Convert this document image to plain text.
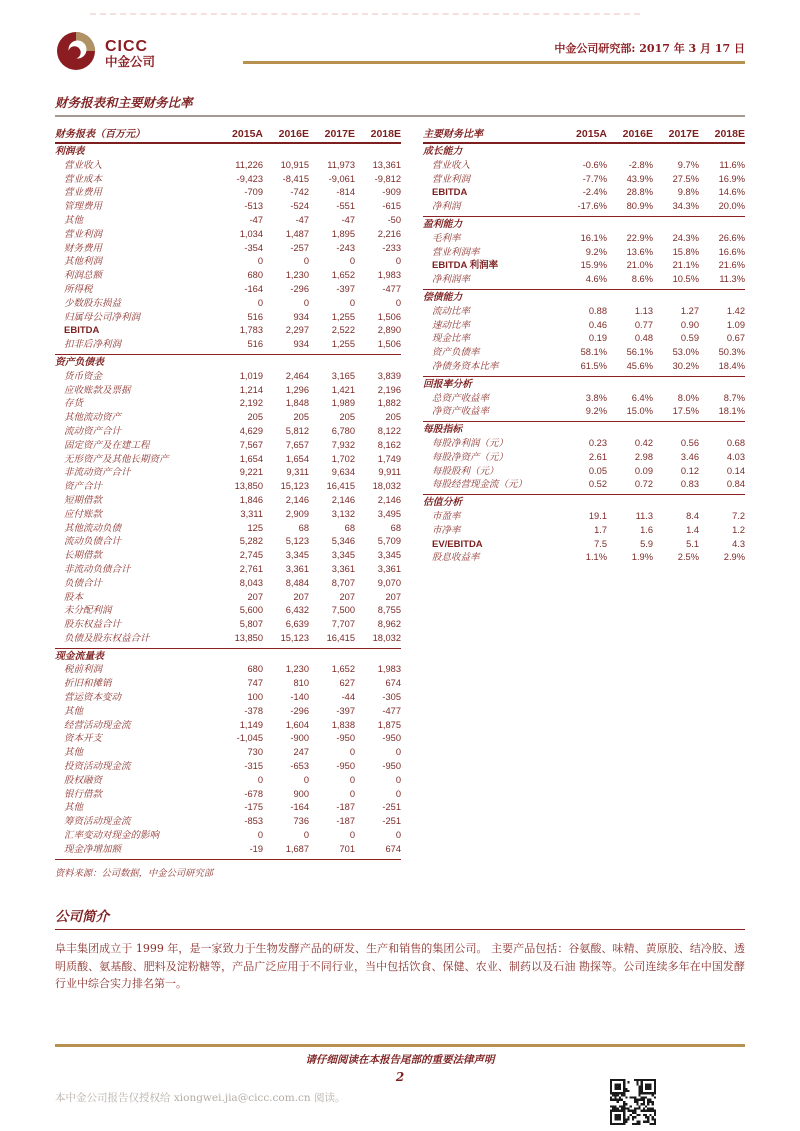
CICC
中金公司
中金公司研究部: 2017 年 3 月 17 日
财务报表和主要财务比率
财务报表（百万元）	2015A	2016E	2017E	2018E
利润表
营业收入	11,226	10,915	11,973	13,361
营业成本	-9,423	-8,415	-9,061	-9,812
营业费用	-709	-742	-814	-909
管理费用	-513	-524	-551	-615
其他	-47	-47	-47	-50
营业利润	1,034	1,487	1,895	2,216
财务费用	-354	-257	-243	-233
其他利润	0	0	0	0
利润总额	680	1,230	1,652	1,983
所得税	-164	-296	-397	-477
少数股东损益	0	0	0	0
归属母公司净利润	516	934	1,255	1,506
EBITDA	1,783	2,297	2,522	2,890
扣非后净利润	516	934	1,255	1,506
资产负债表
货币资金	1,019	2,464	3,165	3,839
应收账款及票据	1,214	1,296	1,421	2,196
存货	2,192	1,848	1,989	1,882
其他流动资产	205	205	205	205
流动资产合计	4,629	5,812	6,780	8,122
固定资产及在建工程	7,567	7,657	7,932	8,162
无形资产及其他长期资产	1,654	1,654	1,702	1,749
非流动资产合计	9,221	9,311	9,634	9,911
资产合计	13,850	15,123	16,415	18,032
短期借款	1,846	2,146	2,146	2,146
应付账款	3,311	2,909	3,132	3,495
其他流动负债	125	68	68	68
流动负债合计	5,282	5,123	5,346	5,709
长期借款	2,745	3,345	3,345	3,345
非流动负债合计	2,761	3,361	3,361	3,361
负债合计	8,043	8,484	8,707	9,070
股本	207	207	207	207
未分配利润	5,600	6,432	7,500	8,755
股东权益合计	5,807	6,639	7,707	8,962
负债及股东权益合计	13,850	15,123	16,415	18,032
现金流量表
税前利润	680	1,230	1,652	1,983
折旧和摊销	747	810	627	674
营运资本变动	100	-140	-44	-305
其他	-378	-296	-397	-477
经营活动现金流	1,149	1,604	1,838	1,875
资本开支	-1,045	-900	-950	-950
其他	730	247	0	0
投资活动现金流	-315	-653	-950	-950
股权融资	0	0	0	0
银行借款	-678	900	0	0
其他	-175	-164	-187	-251
筹资活动现金流	-853	736	-187	-251
汇率变动对现金的影响	0	0	0	0
现金净增加额	-19	1,687	701	674
资料来源：公司数据，中金公司研究部
主要财务比率	2015A	2016E	2017E	2018E
成长能力
营业收入	-0.6%	-2.8%	9.7%	11.6%
营业利润	-7.7%	43.9%	27.5%	16.9%
EBITDA	-2.4%	28.8%	9.8%	14.6%
净利润	-17.6%	80.9%	34.3%	20.0%
盈利能力
毛利率	16.1%	22.9%	24.3%	26.6%
营业利润率	9.2%	13.6%	15.8%	16.6%
EBITDA 利润率	15.9%	21.0%	21.1%	21.6%
净利润率	4.6%	8.6%	10.5%	11.3%
偿债能力
流动比率	0.88	1.13	1.27	1.42
速动比率	0.46	0.77	0.90	1.09
现金比率	0.19	0.48	0.59	0.67
资产负债率	58.1%	56.1%	53.0%	50.3%
净债务资本比率	61.5%	45.6%	30.2%	18.4%
回报率分析
总资产收益率	3.8%	6.4%	8.0%	8.7%
净资产收益率	9.2%	15.0%	17.5%	18.1%
每股指标
每股净利润（元）	0.23	0.42	0.56	0.68
每股净资产（元）	2.61	2.98	3.46	4.03
每股股利（元）	0.05	0.09	0.12	0.14
每股经营现金流（元）	0.52	0.72	0.83	0.84
估值分析
市盈率	19.1	11.3	8.4	7.2
市净率	1.7	1.6	1.4	1.2
EV/EBITDA	7.5	5.9	5.1	4.3
股息收益率	1.1%	1.9%	2.5%	2.9%
公司简介

阜丰集团成立于 1999 年，是一家致力于生物发酵产品的研发、生产和销售的集团公司。 主要产品包括：谷氨酸、味精、黄原胶、结冷胶、透明质酸、氨基酸、肥料及淀粉糖等，产品广泛应用于不同行业，当中包括饮食、保健、农业、制药以及石油 勘探等。公司连续多年在中国发酵行业中综合实力排名第一。

请仔细阅读在本报告尾部的重要法律声明
2
本中金公司报告仅授权给 xiongwei.jia@cicc.com.cn 阅读。
